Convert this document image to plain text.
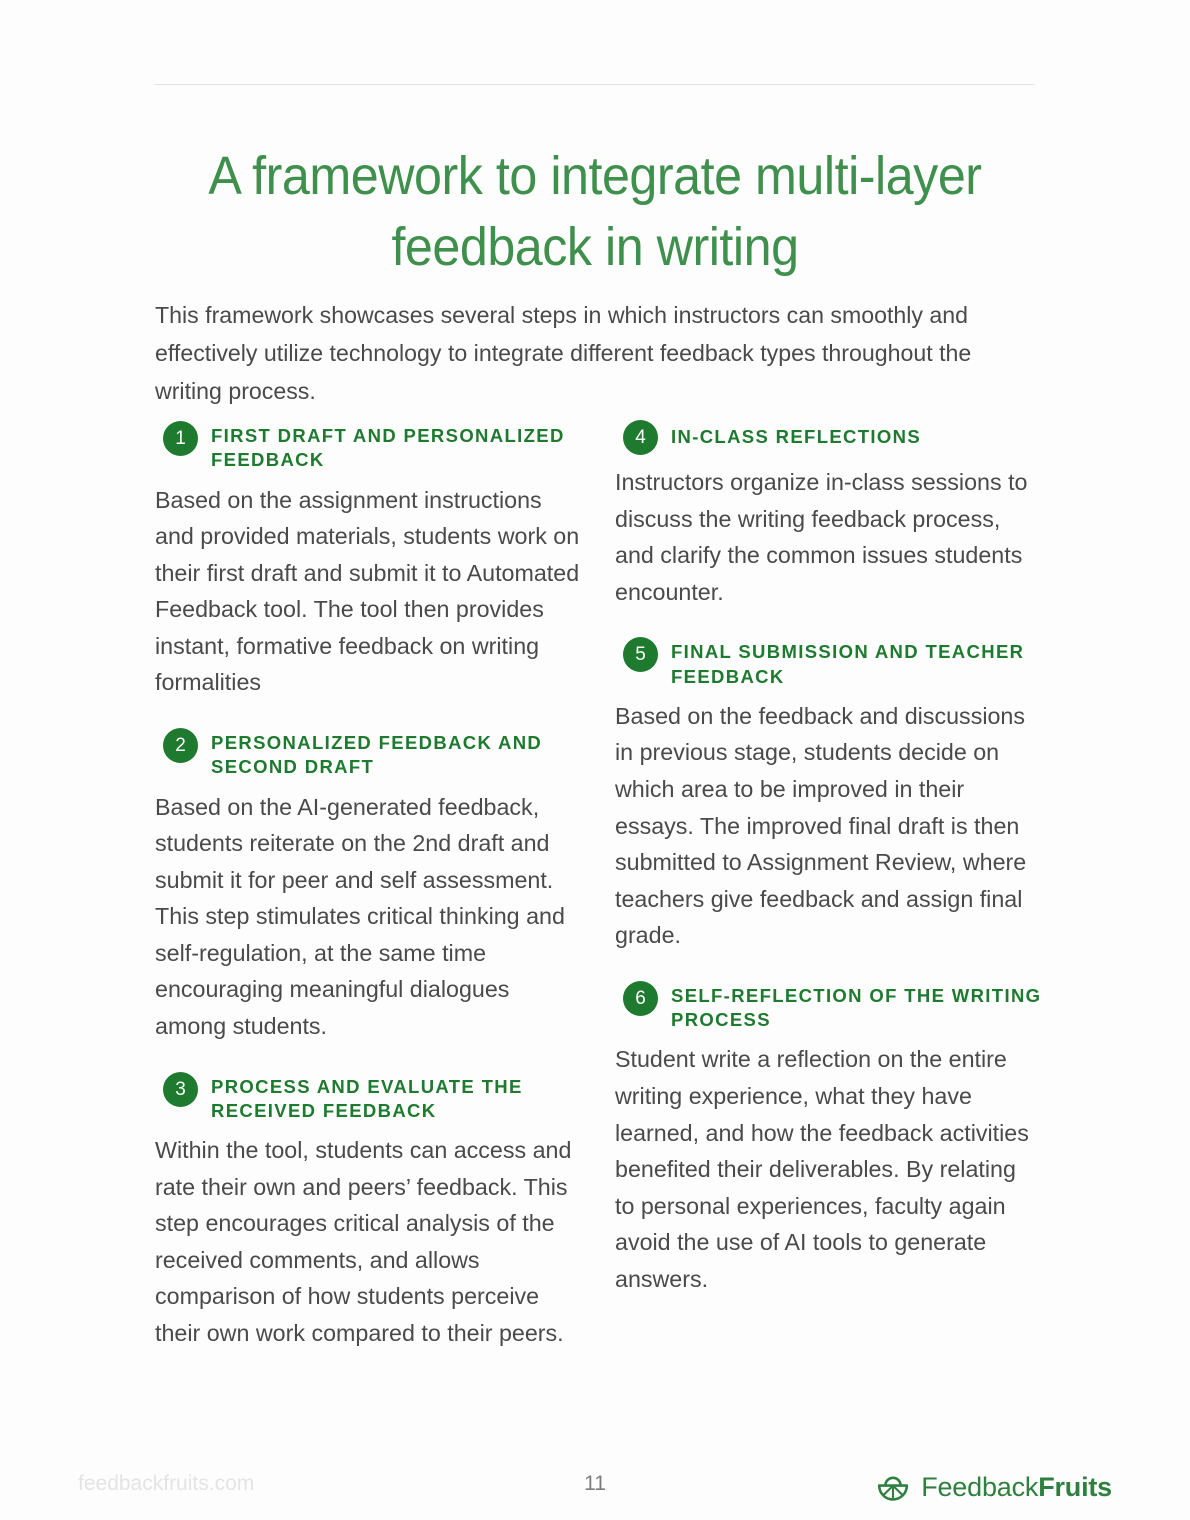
A framework to integrate multi-layer feedback in writing

This framework showcases several steps in which instructors can smoothly and effectively utilize technology to integrate different feedback types throughout the writing process.

1	FIRST DRAFT AND PERSONALIZED FEEDBACK

Based on the assignment instructions and provided materials, students work on their first draft and submit it to Automated Feedback tool. The tool then provides instant, formative feedback on writing formalities

2	PERSONALIZED FEEDBACK AND SECOND DRAFT

Based on the AI-generated feedback, students reiterate on the 2nd draft and submit it for peer and self assessment. This step stimulates critical thinking and self-regulation, at the same time encouraging meaningful dialogues among students.

3	PROCESS AND EVALUATE THE RECEIVED FEEDBACK

Within the tool, students can access and rate their own and peers’ feedback. This step encourages critical analysis of the received comments, and allows comparison of how students perceive their own work compared to their peers.

4	IN-CLASS REFLECTIONS

Instructors organize in-class sessions to discuss the writing feedback process, and clarify the common issues students encounter.

5	FINAL SUBMISSION AND TEACHER FEEDBACK

Based on the feedback and discussions in previous stage, students decide on which area to be improved in their essays. The improved final draft is then submitted to Assignment Review, where teachers give feedback and assign final grade.

6	SELF-REFLECTION OF THE WRITING PROCESS

Student write a reflection on the entire writing experience, what they have learned, and how the feedback activities benefited their deliverables. By relating to personal experiences, faculty again avoid the use of AI tools to generate answers.

feedbackfruits.com	11	FeedbackFruits
